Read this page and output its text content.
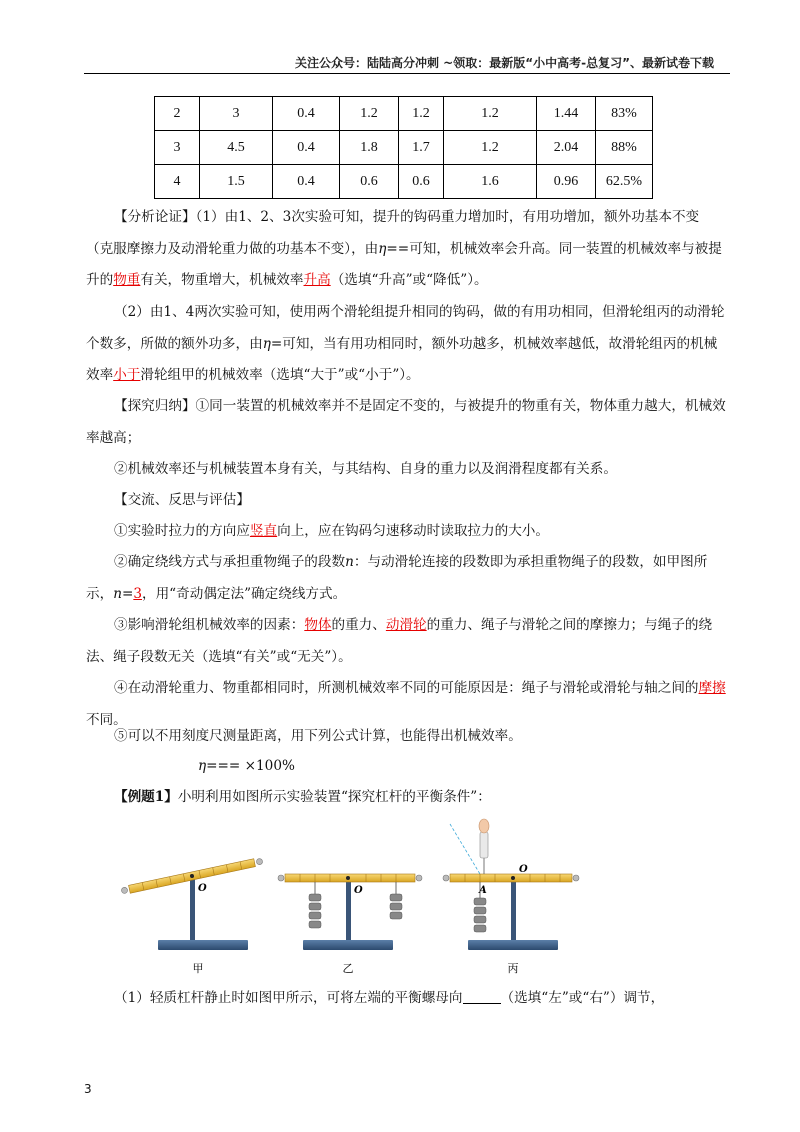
关注公众号：陆陆高分冲刺 ~领取：最新版“小中高考-总复习”、最新试卷下载
2	3	0.4	1.2	1.2	1.2	1.44	83%
3	4.5	0.4	1.8	1.7	1.2	2.04	88%
4	1.5	0.4	0.6	0.6	1.6	0.96	62.5%

【分析论证】（1）由1、2、3次实验可知，提升的钩码重力增加时，有用功增加，额外功基本不变（克服摩擦力及动滑轮重力做的功基本不变），由η==可知，机械效率会升高。同一装置的机械效率与被提升的物重有关，物重增大，机械效率升高（选填“升高”或“降低”）。

（2）由1、4两次实验可知，使用两个滑轮组提升相同的钩码，做的有用功相同，但滑轮组丙的动滑轮个数多，所做的额外功多，由η=可知，当有用功相同时，额外功越多，机械效率越低，故滑轮组丙的机械效率小于滑轮组甲的机械效率（选填“大于”或“小于”）。

【探究归纳】①同一装置的机械效率并不是固定不变的，与被提升的物重有关，物体重力越大，机械效率越高；

②机械效率还与机械装置本身有关，与其结构、自身的重力以及润滑程度都有关系。

【交流、反思与评估】

①实验时拉力的方向应竖直向上，应在钩码匀速移动时读取拉力的大小。

②确定绕线方式与承担重物绳子的段数n：与动滑轮连接的段数即为承担重物绳子的段数，如甲图所示，n=3，用“奇动偶定法”确定绕线方式。

③影响滑轮组机械效率的因素：物体的重力、动滑轮的重力、绳子与滑轮之间的摩擦力；与绳子的绕法、绳子段数无关（选填“有关”或“无关”）。

④在动滑轮重力、物重都相同时，所测机械效率不同的可能原因是：绳子与滑轮或滑轮与轴之间的摩擦不同。

⑤可以不用刻度尺测量距离，用下列公式计算，也能得出机械效率。

η=== ×100%

【例题1】小明利用如图所示实验装置“探究杠杆的平衡条件”：

O
甲
O
乙
O
A
丙

（1）轻质杠杆静止时如图甲所示，可将左端的平衡螺母向	（选填“左”或“右”）调节，

3
